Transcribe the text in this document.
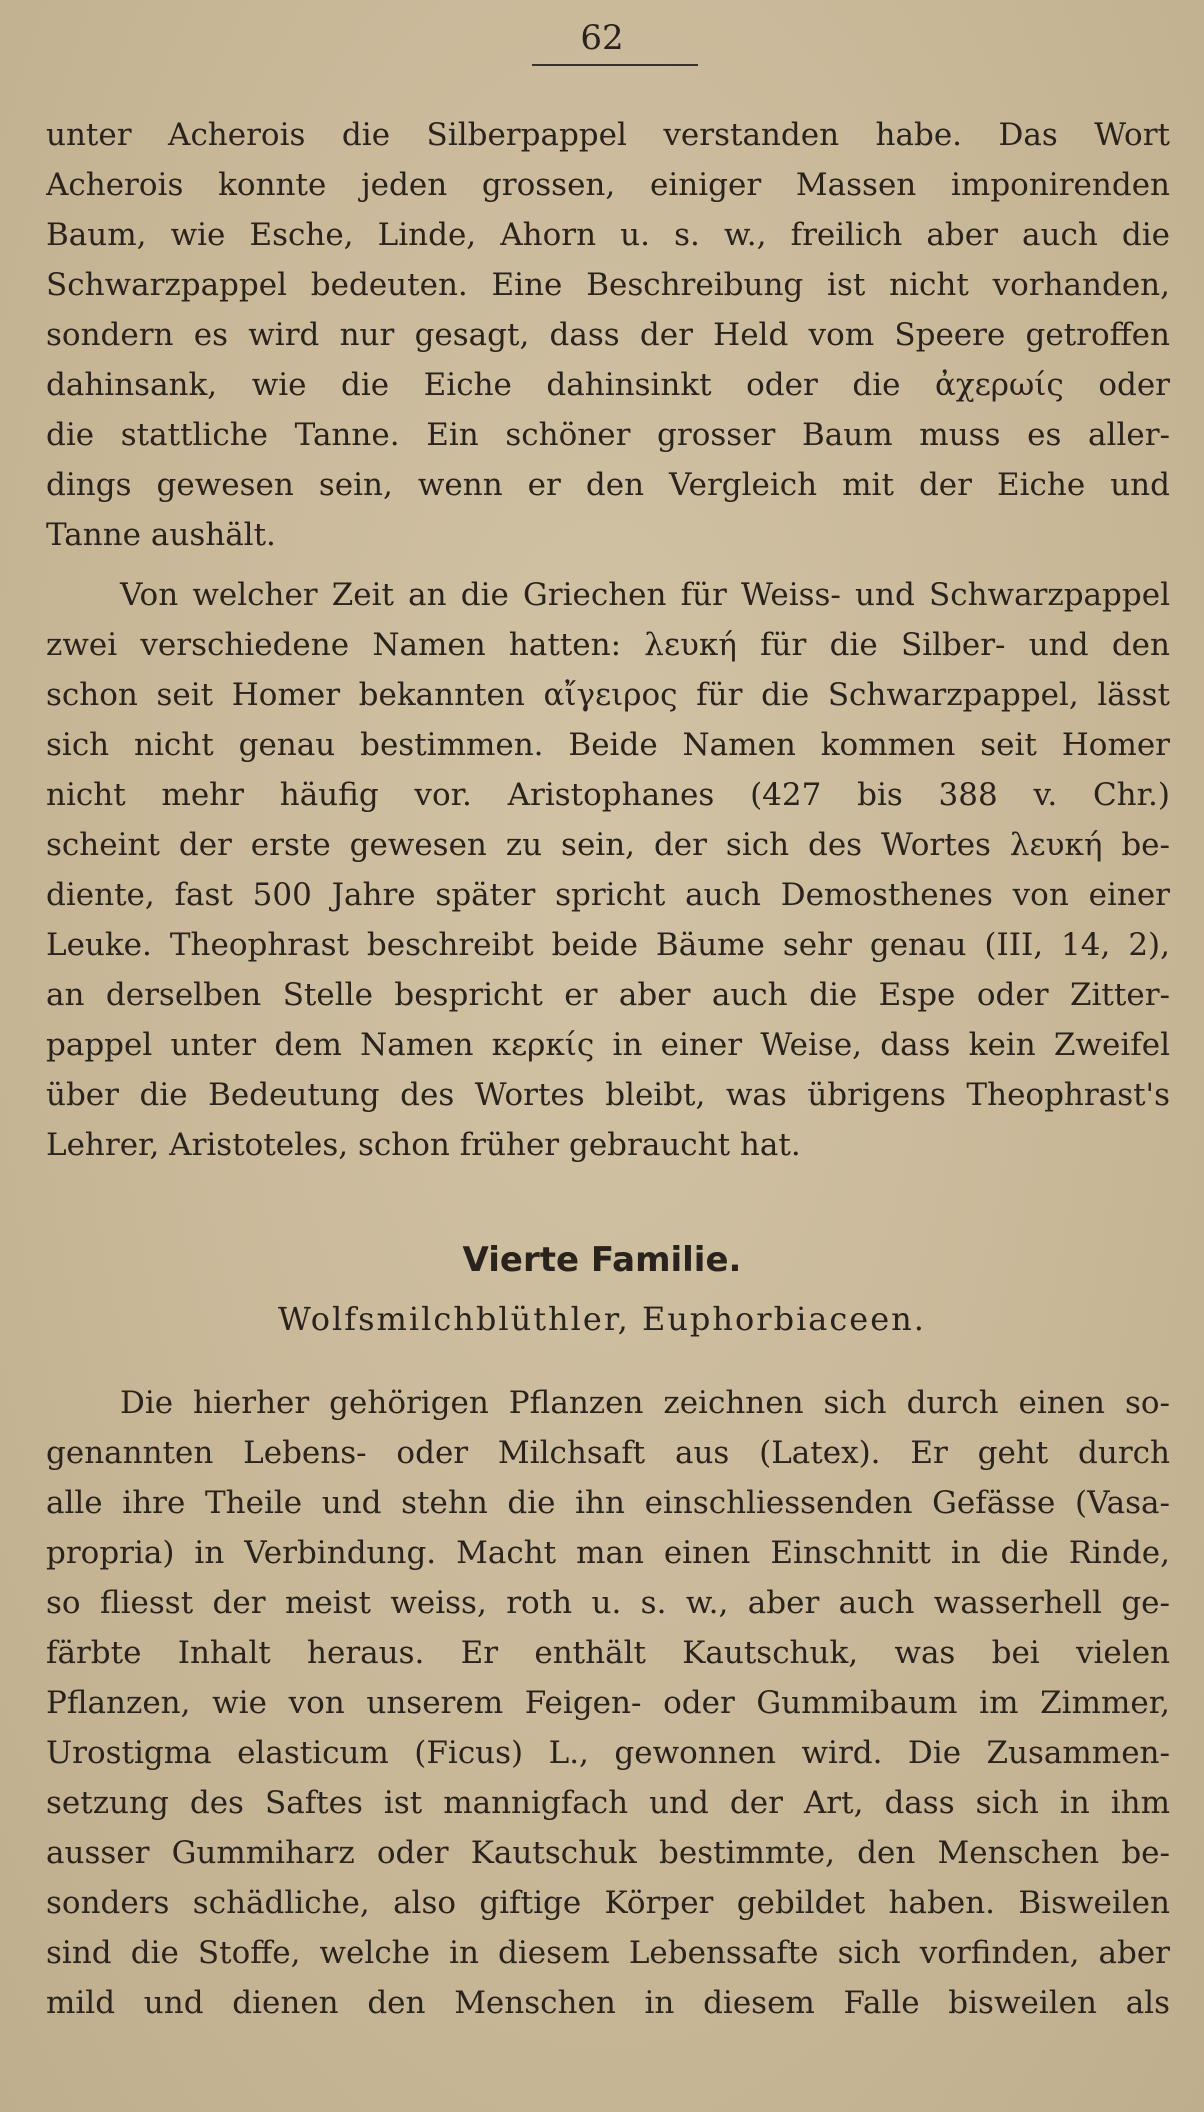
62
unter Acherois die Silberpappel verstanden habe. Das Wort
Acherois konnte jeden grossen, einiger Massen imponirenden
Baum, wie Esche, Linde, Ahorn u. s. w., freilich aber auch die
Schwarzpappel bedeuten. Eine Beschreibung ist nicht vorhanden,
sondern es wird nur gesagt, dass der Held vom Speere getroffen
dahinsank, wie die Eiche dahinsinkt oder die ἀχερωίς oder
die stattliche Tanne. Ein schöner grosser Baum muss es aller-
dings gewesen sein, wenn er den Vergleich mit der Eiche und
Tanne aushält.
Von welcher Zeit an die Griechen für Weiss- und Schwarzpappel
zwei verschiedene Namen hatten: λευκή für die Silber- und den
schon seit Homer bekannten αἴγειρος für die Schwarzpappel, lässt
sich nicht genau bestimmen. Beide Namen kommen seit Homer
nicht mehr häufig vor. Aristophanes (427 bis 388 v. Chr.)
scheint der erste gewesen zu sein, der sich des Wortes λευκή be-
diente, fast 500 Jahre später spricht auch Demosthenes von einer
Leuke. Theophrast beschreibt beide Bäume sehr genau (III, 14, 2),
an derselben Stelle bespricht er aber auch die Espe oder Zitter-
pappel unter dem Namen κερκίς in einer Weise, dass kein Zweifel
über die Bedeutung des Wortes bleibt, was übrigens Theophrast's
Lehrer, Aristoteles, schon früher gebraucht hat.
Vierte Familie.
Wolfsmilchblüthler, Euphorbiaceen.
Die hierher gehörigen Pflanzen zeichnen sich durch einen so-
genannten Lebens- oder Milchsaft aus (Latex). Er geht durch
alle ihre Theile und stehn die ihn einschliessenden Gefässe (Vasa-
propria) in Verbindung. Macht man einen Einschnitt in die Rinde,
so fliesst der meist weiss, roth u. s. w., aber auch wasserhell ge-
färbte Inhalt heraus. Er enthält Kautschuk, was bei vielen
Pflanzen, wie von unserem Feigen- oder Gummibaum im Zimmer,
Urostigma elasticum (Ficus) L., gewonnen wird. Die Zusammen-
setzung des Saftes ist mannigfach und der Art, dass sich in ihm
ausser Gummiharz oder Kautschuk bestimmte, den Menschen be-
sonders schädliche, also giftige Körper gebildet haben. Bisweilen
sind die Stoffe, welche in diesem Lebenssafte sich vorfinden, aber
mild und dienen den Menschen in diesem Falle bisweilen als
